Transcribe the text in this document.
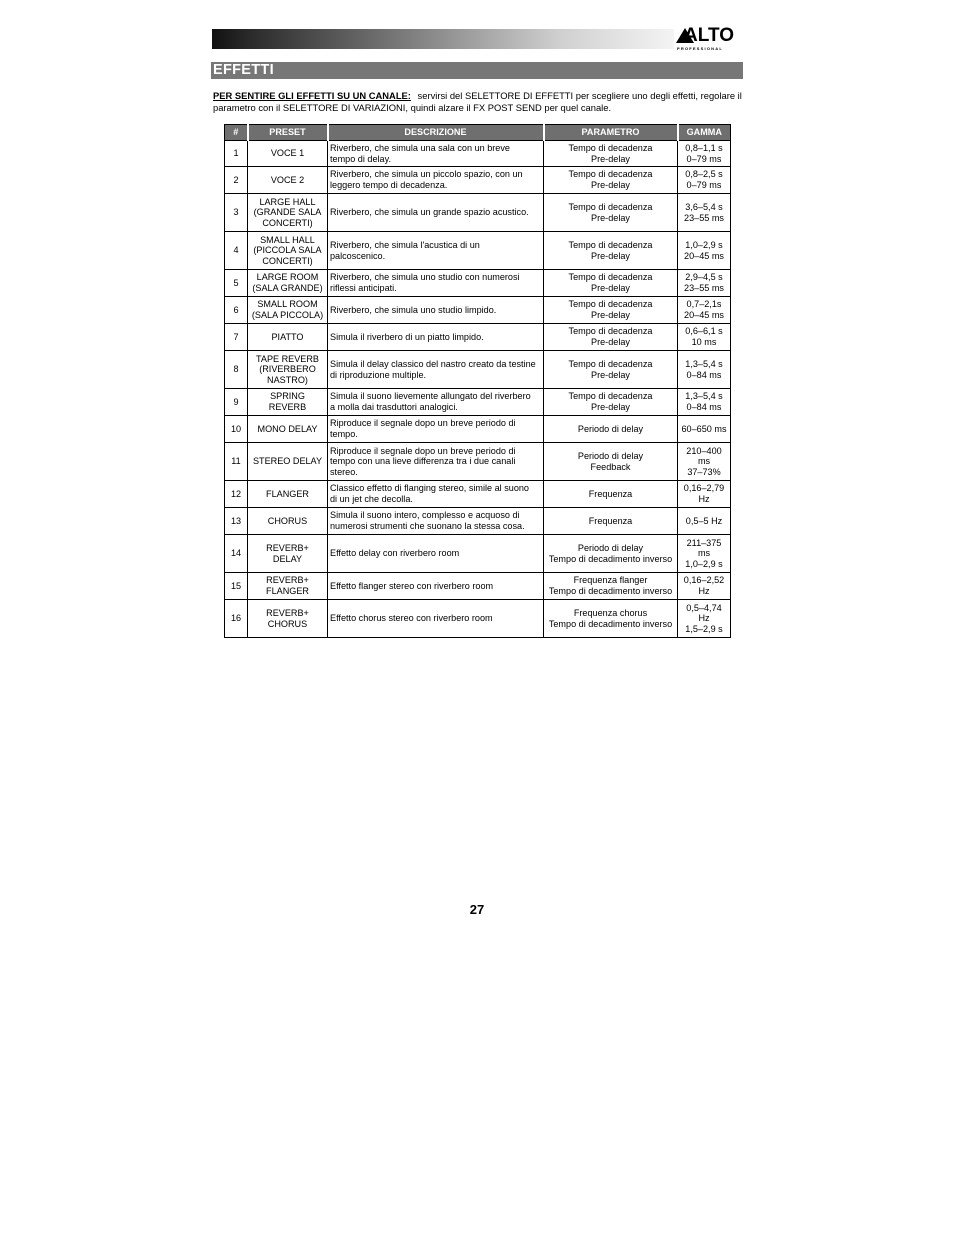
ALTO
PROFESSIONAL
EFFETTI
PER SENTIRE GLI EFFETTI SU UN CANALE: servirsi del SELETTORE DI EFFETTI per scegliere uno degli effetti, regolare il parametro con il SELETTORE DI VARIAZIONI, quindi alzare il FX POST SEND per quel canale.
#	PRESET	DESCRIZIONE	PARAMETRO	GAMMA
1	VOCE 1	Riverbero, che simula una sala con un breve
tempo di delay.	Tempo di decadenza
Pre-delay	0,8–1,1 s
0–79 ms

2	VOCE 2	Riverbero, che simula un piccolo spazio, con un
leggero tempo di decadenza.	Tempo di decadenza
Pre-delay	0,8–2,5 s
0–79 ms

3	LARGE HALL
(GRANDE SALA
CONCERTI)	Riverbero, che simula un grande spazio acustico.	Tempo di decadenza
Pre-delay	3,6–5,4 s
23–55 ms

4	SMALL HALL
(PICCOLA SALA
CONCERTI)	Riverbero, che simula l'acustica di un
palcoscenico.	Tempo di decadenza
Pre-delay	1,0–2,9 s
20–45 ms

5	LARGE ROOM
(SALA GRANDE)	Riverbero, che simula uno studio con numerosi
riflessi anticipati.	Tempo di decadenza
Pre-delay	2,9–4,5 s
23–55 ms

6	SMALL ROOM
(SALA PICCOLA)	Riverbero, che simula uno studio limpido.	Tempo di decadenza
Pre-delay	0,7–2,1s
20–45 ms

7	PIATTO	Simula il riverbero di un piatto limpido.	Tempo di decadenza
Pre-delay	0,6–6,1 s
10 ms

8	TAPE REVERB
(RIVERBERO
NASTRO)	Simula il delay classico del nastro creato da testine
di riproduzione multiple.	Tempo di decadenza
Pre-delay	1,3–5,4 s
0–84 ms

9	SPRING
REVERB	Simula il suono lievemente allungato del riverbero
a molla dai trasduttori analogici.	Tempo di decadenza
Pre-delay	1,3–5,4 s
0–84 ms

10	MONO DELAY	Riproduce il segnale dopo un breve periodo di
tempo.	Periodo di delay	60–650 ms

11	STEREO DELAY	Riproduce il segnale dopo un breve periodo di
tempo con una lieve differenza tra i due canali
stereo.	Periodo di delay
Feedback	210–400
ms
37–73%

12	FLANGER	Classico effetto di flanging stereo, simile al suono
di un jet che decolla.	Frequenza	0,16–2,79
Hz

13	CHORUS	Simula il suono intero, complesso e acquoso di
numerosi strumenti che suonano la stessa cosa.	Frequenza	0,5–5 Hz

14	REVERB+
DELAY	Effetto delay con riverbero room	Periodo di delay
Tempo di decadimento inverso	211–375
ms
1,0–2,9 s

15	REVERB+
FLANGER	Effetto flanger stereo con riverbero room	Frequenza flanger
Tempo di decadimento inverso	0,16–2,52
Hz

16	REVERB+
CHORUS	Effetto chorus stereo con riverbero room	Frequenza chorus
Tempo di decadimento inverso	0,5–4,74
Hz
1,5–2,9 s
27
